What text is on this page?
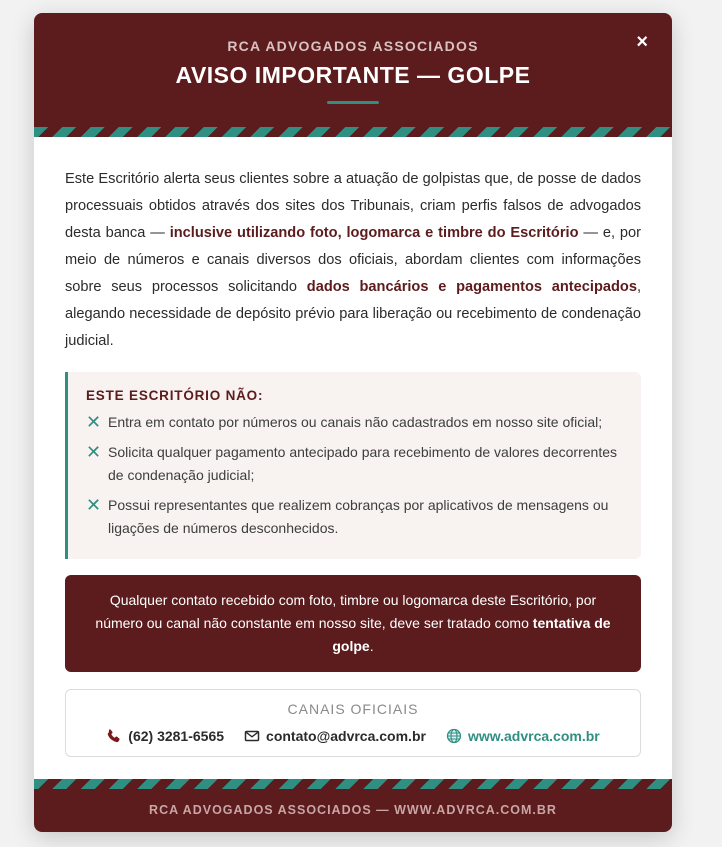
RCA ADVOGADOS ASSOCIADOS
AVISO IMPORTANTE — GOLPE
×

Este Escritório alerta seus clientes sobre a atuação de golpistas que, de posse de dados processuais obtidos através dos sites dos Tribunais, criam perfis falsos de advogados desta banca — inclusive utilizando foto, logomarca e timbre do Escritório — e, por meio de números e canais diversos dos oficiais, abordam clientes com informações sobre seus processos solicitando dados bancários e pagamentos antecipados, alegando necessidade de depósito prévio para liberação ou recebimento de condenação judicial.

ESTE ESCRITÓRIO NÃO:
✕ Entra em contato por números ou canais não cadastrados em nosso site oficial;
✕ Solicita qualquer pagamento antecipado para recebimento de valores decorrentes de condenação judicial;
✕ Possui representantes que realizem cobranças por aplicativos de mensagens ou ligações de números desconhecidos.
Qualquer contato recebido com foto, timbre ou logomarca deste Escritório, por número ou canal não constante em nosso site, deve ser tratado como tentativa de golpe.
CANAIS OFICIAIS
(62) 3281-6565	contato@advrca.com.br	www.advrca.com.br
RCA ADVOGADOS ASSOCIADOS — WWW.ADVRCA.COM.BR
